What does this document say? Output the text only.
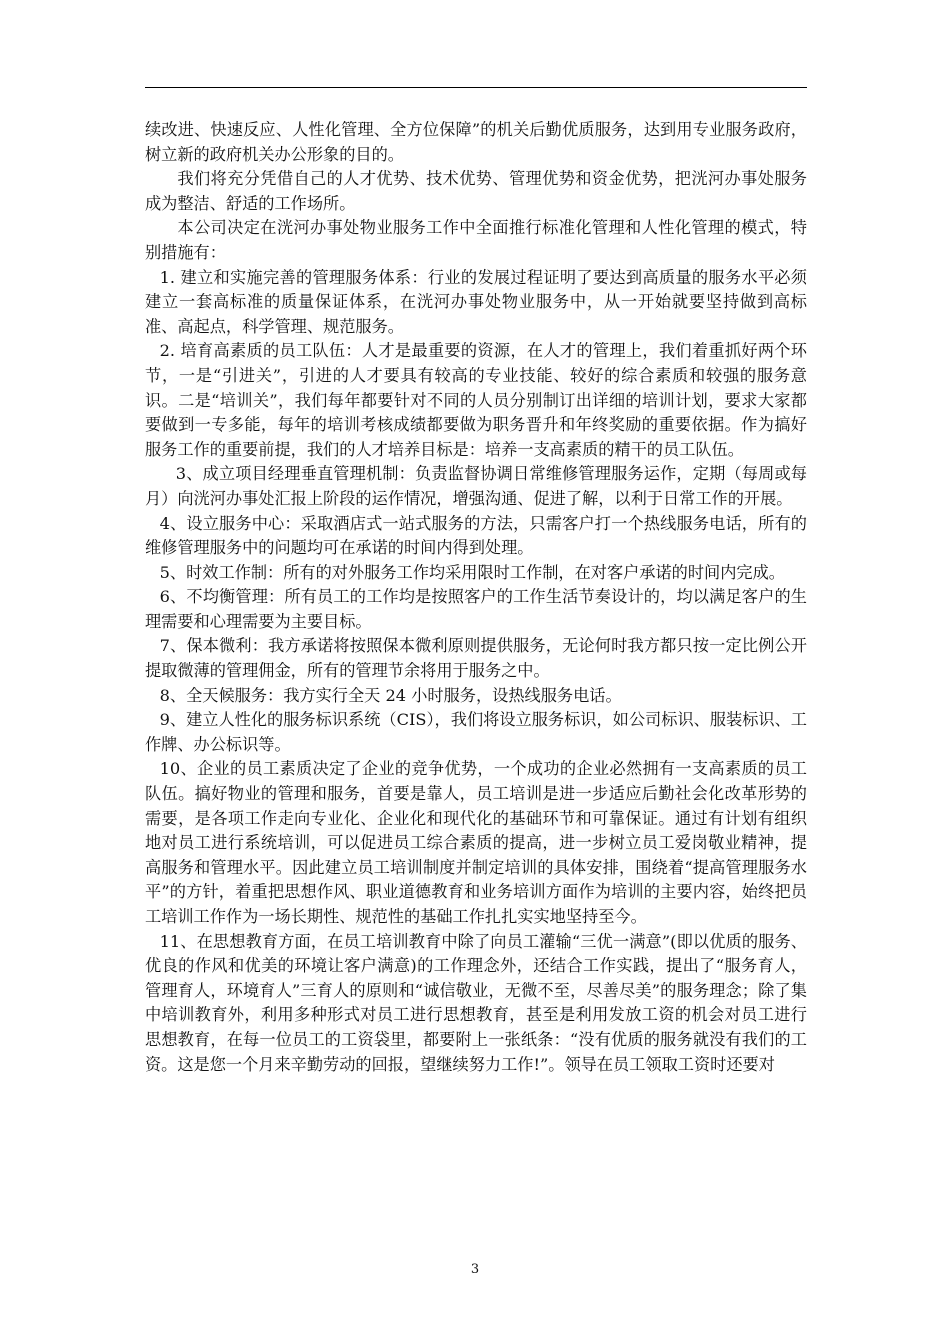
续改进、快速反应、人性化管理、全方位保障”的机关后勤优质服务，达到用专业服务政府，树立新的政府机关办公形象的目的。

我们将充分凭借自己的人才优势、技术优势、管理优势和资金优势，把洸河办事处服务成为整洁、舒适的工作场所。

本公司决定在洸河办事处物业服务工作中全面推行标准化管理和人性化管理的模式，特别措施有：

1. 建立和实施完善的管理服务体系：行业的发展过程证明了要达到高质量的服务水平必须建立一套高标准的质量保证体系，在洸河办事处物业服务中，从一开始就要坚持做到高标准、高起点，科学管理、规范服务。

2. 培育高素质的员工队伍：人才是最重要的资源，在人才的管理上，我们着重抓好两个环节，一是“引进关”，引进的人才要具有较高的专业技能、较好的综合素质和较强的服务意识。二是“培训关”，我们每年都要针对不同的人员分别制订出详细的培训计划，要求大家都要做到一专多能，每年的培训考核成绩都要做为职务晋升和年终奖励的重要依据。作为搞好服务工作的重要前提，我们的人才培养目标是：培养一支高素质的精干的员工队伍。

3、成立项目经理垂直管理机制：负责监督协调日常维修管理服务运作，定期（每周或每月）向洸河办事处汇报上阶段的运作情况，增强沟通、促进了解，以利于日常工作的开展。

4、设立服务中心：采取酒店式一站式服务的方法，只需客户打一个热线服务电话，所有的维修管理服务中的问题均可在承诺的时间内得到处理。

5、时效工作制：所有的对外服务工作均采用限时工作制，在对客户承诺的时间内完成。

6、不均衡管理：所有员工的工作均是按照客户的工作生活节奏设计的，均以满足客户的生理需要和心理需要为主要目标。

7、保本微利：我方承诺将按照保本微利原则提供服务，无论何时我方都只按一定比例公开提取微薄的管理佣金，所有的管理节余将用于服务之中。

8、全天候服务：我方实行全天 24 小时服务，设热线服务电话。

9、建立人性化的服务标识系统（CIS），我们将设立服务标识，如公司标识、服装标识、工作牌、办公标识等。

10、企业的员工素质决定了企业的竞争优势，一个成功的企业必然拥有一支高素质的员工队伍。搞好物业的管理和服务，首要是靠人，员工培训是进一步适应后勤社会化改革形势的需要，是各项工作走向专业化、企业化和现代化的基础环节和可靠保证。通过有计划有组织地对员工进行系统培训，可以促进员工综合素质的提高，进一步树立员工爱岗敬业精神，提高服务和管理水平。因此建立员工培训制度并制定培训的具体安排，围绕着“提高管理服务水平”的方针，着重把思想作风、职业道德教育和业务培训方面作为培训的主要内容，始终把员工培训工作作为一场长期性、规范性的基础工作扎扎实实地坚持至今。

11、在思想教育方面，在员工培训教育中除了向员工灌输“三优一满意”(即以优质的服务、优良的作风和优美的环境让客户满意)的工作理念外，还结合工作实践，提出了“服务育人，管理育人，环境育人”三育人的原则和“诚信敬业，无微不至，尽善尽美”的服务理念；除了集中培训教育外，利用多种形式对员工进行思想教育，甚至是利用发放工资的机会对员工进行思想教育，在每一位员工的工资袋里，都要附上一张纸条：“没有优质的服务就没有我们的工资。这是您一个月来辛勤劳动的回报，望继续努力工作!”。领导在员工领取工资时还要对

3
